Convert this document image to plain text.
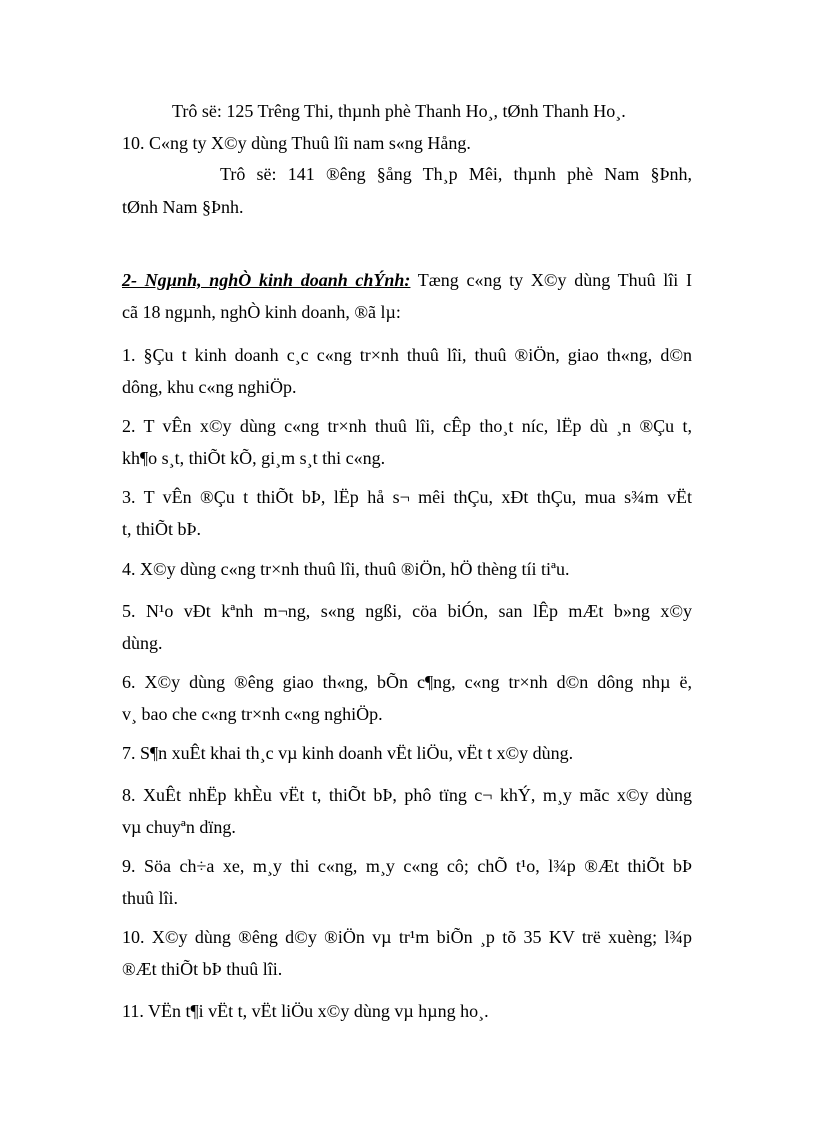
Trô së: 125 Trêng Thi, thµnh phè Thanh Ho¸, tØnh Thanh Ho¸.
10. C«ng ty X©y dùng Thuû lîi nam s«ng Hång.
Trô së: 141 ®êng §ång Th¸p Mêi, thµnh phè Nam §Þnh,
tØnh Nam §Þnh.
2- Ngµnh, nghÒ kinh doanh chÝnh: Tæng c«ng ty X©y dùng Thuû lîi I
cã 18 ngµnh, nghÒ kinh doanh, ®ã lµ:
1. §Çu t kinh doanh c¸c c«ng tr×nh thuû lîi, thuû ®iÖn, giao th«ng, d©n
dông, khu c«ng nghiÖp.
2. T vÊn x©y dùng c«ng tr×nh thuû lîi, cÊp tho¸t níc, lËp dù ¸n ®Çu t,
kh¶o s¸t, thiÕt kÕ, gi¸m s¸t thi c«ng.
3. T vÊn ®Çu t thiÕt bÞ, lËp hå s¬ mêi thÇu, xÐt thÇu, mua s¾m vËt
t, thiÕt bÞ.
4. X©y dùng c«ng tr×nh thuû lîi, thuû ®iÖn, hÖ thèng tíi tiªu.
5. N¹o vÐt kªnh m¬ng, s«ng ngßi, cöa biÓn, san lÊp mÆt b»ng x©y
dùng.
6. X©y dùng ®êng giao th«ng, bÕn c¶ng, c«ng tr×nh d©n dông nhµ ë,
v¸ bao che c«ng tr×nh c«ng nghiÖp.
7. S¶n xuÊt khai th¸c vµ kinh doanh vËt liÖu, vËt t x©y dùng.
8. XuÊt nhËp khÈu vËt t, thiÕt bÞ, phô tïng c¬ khÝ, m¸y mãc x©y dùng
vµ chuyªn dïng.
9. Söa ch÷a xe, m¸y thi c«ng, m¸y c«ng cô; chÕ t¹o, l¾p ®Æt thiÕt bÞ
thuû lîi.
10. X©y dùng ®êng d©y ®iÖn vµ tr¹m biÕn ¸p tõ 35 KV trë xuèng; l¾p
®Æt thiÕt bÞ thuû lîi.
11. VËn t¶i vËt t, vËt liÖu x©y dùng vµ hµng ho¸.
